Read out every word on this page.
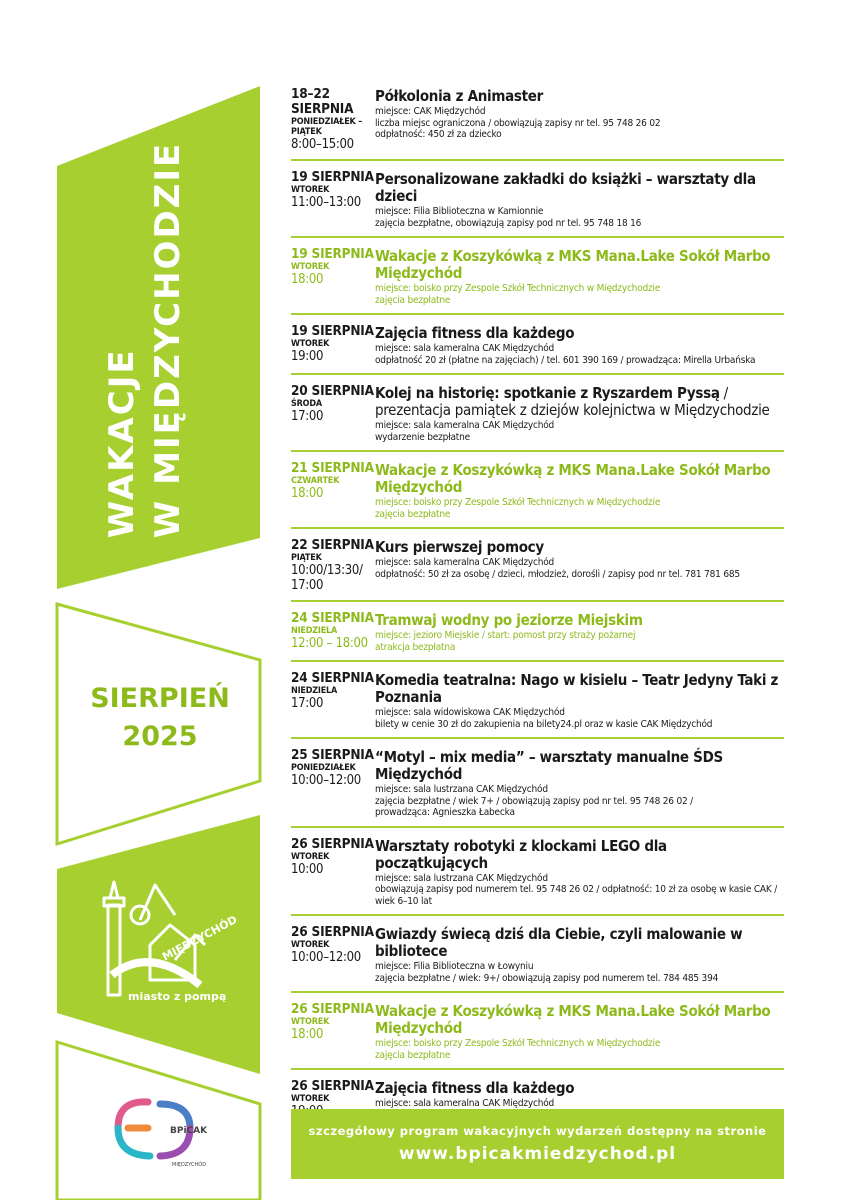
WAKACJE W MIĘDZYCHODZIE
SIERPIEŃ
2025
MIĘDZYCHÓD
miasto z pompą
BPiCAK
MIĘDZYCHÓD
18–22 SIERPNIA
PONIEDZIAŁEK – PIĄTEK
8:00–15:00
Półkolonia z Animaster
miejsce: CAK Międzychód
liczba miejsc ograniczona / obowiązują zapisy nr tel. 95 748 26 02
odpłatność: 450 zł za dziecko
19 SIERPNIA
WTOREK
11:00–13:00
Personalizowane zakładki do książki – warsztaty dla dzieci
miejsce: Filia Biblioteczna w Kamionnie
zajęcia bezpłatne, obowiązują zapisy pod nr tel. 95 748 18 16
19 SIERPNIA
WTOREK
18:00
Wakacje z Koszykówką z MKS Mana.Lake Sokół Marbo Międzychód
miejsce: boisko przy Zespole Szkół Technicznych w Międzychodzie
zajęcia bezpłatne
19 SIERPNIA
WTOREK
19:00
Zajęcia fitness dla każdego
miejsce: sala kameralna CAK Międzychód
odpłatność 20 zł (płatne na zajęciach) / tel. 601 390 169 / prowadząca: Mirella Urbańska
20 SIERPNIA
ŚRODA
17:00
Kolej na historię: spotkanie z Ryszardem Pyssą / prezentacja pamiątek z dziejów kolejnictwa w Międzychodzie
miejsce: sala kameralna CAK Międzychód
wydarzenie bezpłatne
21 SIERPNIA
CZWARTEK
18:00
Wakacje z Koszykówką z MKS Mana.Lake Sokół Marbo Międzychód
miejsce: boisko przy Zespole Szkół Technicznych w Międzychodzie
zajęcia bezpłatne
22 SIERPNIA
PIĄTEK
10:00/13:30/ 17:00
Kurs pierwszej pomocy
miejsce: sala kameralna CAK Międzychód
odpłatność: 50 zł za osobę / dzieci, młodzież, dorośli / zapisy pod nr tel. 781 781 685
24 SIERPNIA
NIEDZIELA
12:00 – 18:00
Tramwaj wodny po jeziorze Miejskim
miejsce: jezioro Miejskie / start: pomost przy straży pożarnej
atrakcja bezpłatna
24 SIERPNIA
NIEDZIELA
17:00
Komedia teatralna: Nago w kisielu – Teatr Jedyny Taki z Poznania
miejsce: sala widowiskowa CAK Międzychód
bilety w cenie 30 zł do zakupienia na bilety24.pl oraz w kasie CAK Międzychód
25 SIERPNIA
PONIEDZIAŁEK
10:00–12:00
“Motyl – mix media” – warsztaty manualne ŚDS Międzychód
miejsce: sala lustrzana CAK Międzychód
zajęcia bezpłatne / wiek 7+ / obowiązują zapisy pod nr tel. 95 748 26 02 /
prowadząca: Agnieszka Łabecka
26 SIERPNIA
WTOREK
10:00
Warsztaty robotyki z klockami LEGO dla początkujących
miejsce: sala lustrzana CAK Międzychód
obowiązują zapisy pod numerem tel. 95 748 26 02 / odpłatność: 10 zł za osobę w kasie CAK / wiek 6–10 lat
26 SIERPNIA
WTOREK
10:00–12:00
Gwiazdy świecą dziś dla Ciebie, czyli malowanie w bibliotece
miejsce: Filia Biblioteczna w Łowyniu
zajęcia bezpłatne / wiek: 9+/ obowiązują zapisy pod numerem tel. 784 485 394
26 SIERPNIA
WTOREK
18:00
Wakacje z Koszykówką z MKS Mana.Lake Sokół Marbo Międzychód
miejsce: boisko przy Zespole Szkół Technicznych w Międzychodzie
zajęcia bezpłatne
26 SIERPNIA
WTOREK
Zajęcia fitness dla każdego
miejsce: sala kameralna CAK Międzychód
szczegółowy program wakacyjnych wydarzeń dostępny na stronie
www.bpicakmiedzychod.pl
